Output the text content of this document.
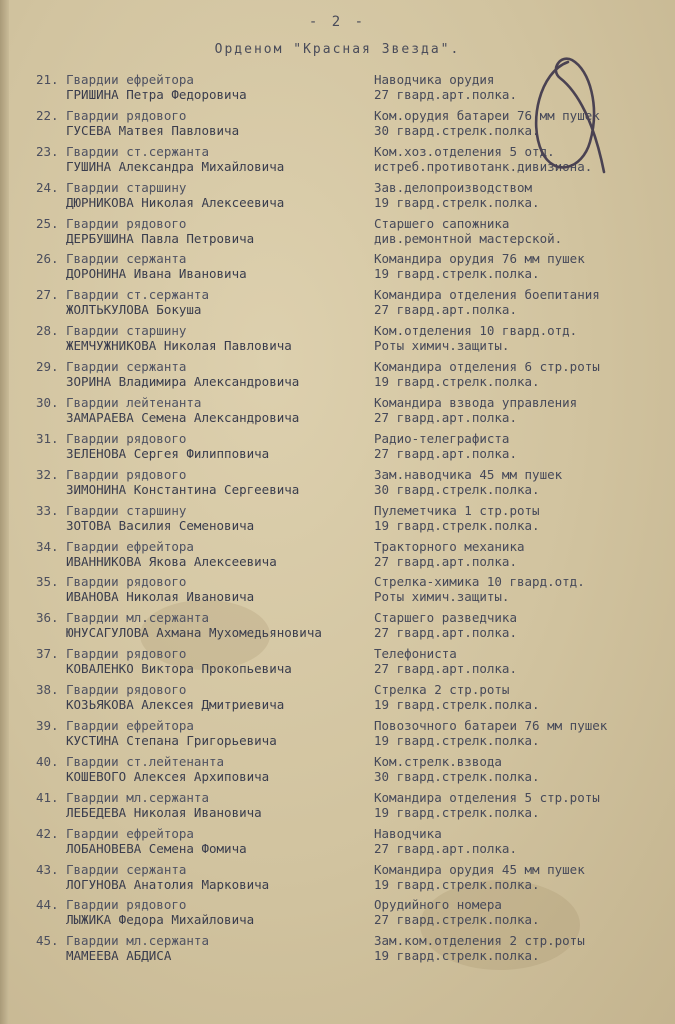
- 2 -
Орденом "Красная Звезда".
21. Гвардии ефрейтора
ГРИШИНА Петра Федоровича
Наводчика орудия
27 гвард.арт.полка.
22. Гвардии рядового
ГУСЕВА Матвея Павловича
Ком.орудия батареи 76 мм пушек
30 гвард.стрелк.полка.
23. Гвардии ст.сержанта
ГУШИНА Александра Михайловича
Ком.хоз.отделения 5 отд.
истреб.противотанк.дивизиона.
24. Гвардии старшину
ДЮРНИКОВА Николая Алексеевича
Зав.делопроизводством
19 гвард.стрелк.полка.
25. Гвардии рядового
ДЕРБУШИНА Павла Петровича
Старшего сапожника
див.ремонтной мастерской.
26. Гвардии сержанта
ДОРОНИНА Ивана Ивановича
Командира орудия 76 мм пушек
19 гвард.стрелк.полка.
27. Гвардии ст.сержанта
ЖОЛТЬКУЛОВА Бокуша
Командира отделения боепитания
27 гвард.арт.полка.
28. Гвардии старшину
ЖЕМЧУЖНИКОВА Николая Павловича
Ком.отделения 10 гвард.отд.
Роты химич.защиты.
29. Гвардии сержанта
ЗОРИНА Владимира Александровича
Командира отделения 6 стр.роты
19 гвард.стрелк.полка.
30. Гвардии лейтенанта
ЗАМАРАЕВА Семена Александровича
Командира взвода управления
27 гвард.арт.полка.
31. Гвардии рядового
ЗЕЛЕНОВА Сергея Филипповича
Радио-телеграфиста
27 гвард.арт.полка.
32. Гвардии рядового
ЗИМОНИНА Константина Сергеевича
Зам.наводчика 45 мм пушек
30 гвард.стрелк.полка.
33. Гвардии старшину
ЗОТОВА Василия Семеновича
Пулеметчика 1 стр.роты
19 гвард.стрелк.полка.
34. Гвардии ефрейтора
ИВАННИКОВА Якова Алексеевича
Тракторного механика
27 гвард.арт.полка.
35. Гвардии рядового
ИВАНОВА Николая Ивановича
Стрелка-химика 10 гвард.отд.
Роты химич.защиты.
36. Гвардии мл.сержанта
ЮНУСАГУЛОВА Ахмана Мухомедьяновича
Старшего разведчика
27 гвард.арт.полка.
37. Гвардии рядового
КОВАЛЕНКО Виктора Прокопьевича
Телефониста
27 гвард.арт.полка.
38. Гвардии рядового
КОЗЬЯКОВА Алексея Дмитриевича
Стрелка 2 стр.роты
19 гвард.стрелк.полка.
39. Гвардии ефрейтора
КУСТИНА Степана Григорьевича
Повозочного батареи 76 мм пушек
19 гвард.стрелк.полка.
40. Гвардии ст.лейтенанта
КОШЕВОГО Алексея Архиповича
Ком.стрелк.взвода
30 гвард.стрелк.полка.
41. Гвардии мл.сержанта
ЛЕБЕДЕВА Николая Ивановича
Командира отделения 5 стр.роты
19 гвард.стрелк.полка.
42. Гвардии ефрейтора
ЛОБАНОВЕВА Семена Фомича
Наводчика
27 гвард.арт.полка.
43. Гвардии сержанта
ЛОГУНОВА Анатолия Марковича
Командира орудия 45 мм пушек
19 гвард.стрелк.полка.
44. Гвардии рядового
ЛЫЖИКА Федора Михайловича
Орудийного номера
27 гвард.стрелк.полка.
45. Гвардии мл.сержанта
МАМЕЕВА АБДИСА
Зам.ком.отделения 2 стр.роты
19 гвард.стрелк.полка.
